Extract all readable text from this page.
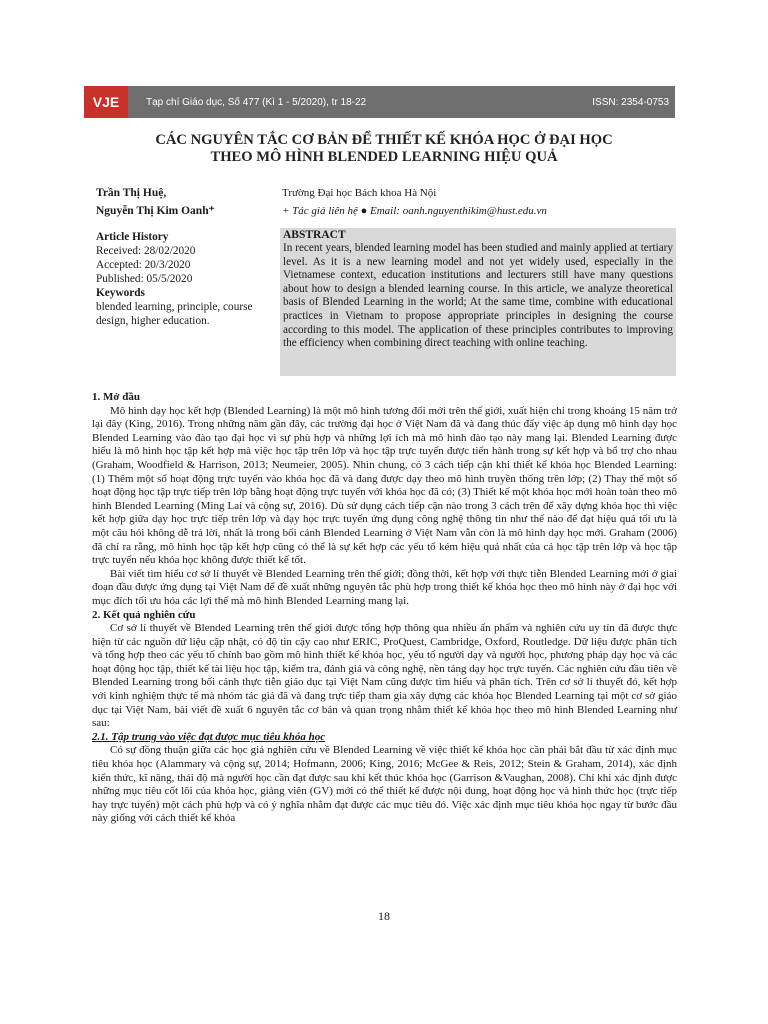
VJE	Tạp chí Giáo dục, Số 477 (Kì 1 - 5/2020), tr 18-22	ISSN: 2354-0753
CÁC NGUYÊN TẮC CƠ BẢN ĐỂ THIẾT KẾ KHÓA HỌC Ở ĐẠI HỌC
THEO MÔ HÌNH BLENDED LEARNING HIỆU QUẢ
Trần Thị Huệ,
Nguyễn Thị Kim Oanh⁺
Trường Đại học Bách khoa Hà Nội
+ Tác giả liên hệ ● Email: oanh.nguyenthikim@hust.edu.vn
Article History
Received: 28/02/2020
Accepted: 20/3/2020
Published: 05/5/2020
Keywords
blended learning, principle, course design, higher education.
ABSTRACT
In recent years, blended learning model has been studied and mainly applied at tertiary level. As it is a new learning model and not yet widely used, especially in the Vietnamese context, education institutions and lecturers still have many questions about how to design a blended learning course. In this article, we analyze theoretical basis of Blended Learning in the world; At the same time, combine with educational practices in Vietnam to propose appropriate principles in designing the course according to this model. The application of these principles contributes to improving the efficiency when combining direct teaching with online teaching.

1. Mở đầu

Mô hình dạy học kết hợp (Blended Learning) là một mô hình tương đối mới trên thế giới, xuất hiện chỉ trong khoảng 15 năm trở lại đây (King, 2016). Trong những năm gần đây, các trường đại học ở Việt Nam đã và đang thúc đẩy việc áp dụng mô hình dạy học Blended Learning vào đào tạo đại học vì sự phù hợp và những lợi ích mà mô hình đào tạo này mang lại. Blended Learning được hiểu là mô hình học tập kết hợp mà việc học tập trên lớp và học tập trực tuyến được tiến hành trong sự kết hợp và bổ trợ cho nhau (Graham, Woodfield & Harrison, 2013; Neumeier, 2005). Nhìn chung, có 3 cách tiếp cận khi thiết kế khóa học Blended Learning: (1) Thêm một số hoạt động trực tuyến vào khóa học đã và đang được dạy theo mô hình truyền thống trên lớp; (2) Thay thế một số hoạt động học tập trực tiếp trên lớp bằng hoạt động trực tuyến với khóa học đã có; (3) Thiết kế một khóa học mới hoàn toàn theo mô hình Blended Learning (Ming Lai và cộng sự, 2016). Dù sử dụng cách tiếp cận nào trong 3 cách trên để xây dựng khóa học thì việc kết hợp giữa dạy học trực tiếp trên lớp và dạy học trực tuyến ứng dụng công nghệ thông tin như thế nào để đạt hiệu quả tối ưu là một câu hỏi không dễ trả lời, nhất là trong bối cảnh Blended Learning ở Việt Nam vẫn còn là mô hình dạy học mới. Graham (2006) đã chỉ ra rằng, mô hình học tập kết hợp cũng có thể là sự kết hợp các yếu tố kém hiệu quả nhất của cả học tập trên lớp và học tập trực tuyến nếu khóa học không được thiết kế tốt.

Bài viết tìm hiểu cơ sở lí thuyết về Blended Learning trên thế giới; đồng thời, kết hợp với thực tiễn Blended Learning mới ở giai đoạn đầu được ứng dụng tại Việt Nam để đề xuất những nguyên tắc phù hợp trong thiết kế khóa học theo mô hình này ở đại học với mục đích tối ưu hóa các lợi thế mà mô hình Blended Learning mang lại.

2. Kết quả nghiên cứu

Cơ sở lí thuyết về Blended Learning trên thế giới được tổng hợp thông qua nhiều ấn phẩm và nghiên cứu uy tín đã được thực hiện từ các nguồn dữ liệu cập nhật, có độ tin cậy cao như ERIC, ProQuest, Cambridge, Oxford, Routledge. Dữ liệu được phân tích và tổng hợp theo các yếu tố chính bao gồm mô hình thiết kế khóa học, yếu tố người dạy và người học, phương pháp dạy học và các hoạt động học tập, thiết kế tài liệu học tập, kiểm tra, đánh giá và công nghệ, nền tảng dạy học trực tuyến. Các nghiên cứu đầu tiên về Blended Learning trong bối cảnh thực tiễn giáo dục tại Việt Nam cũng được tìm hiểu và phân tích. Trên cơ sở lí thuyết đó, kết hợp với kinh nghiệm thực tế mà nhóm tác giả đã và đang trực tiếp tham gia xây dựng các khóa học Blended Learning tại một cơ sở giáo dục tại Việt Nam, bài viết đề xuất 6 nguyên tắc cơ bản và quan trọng nhằm thiết kế khóa học theo mô hình Blended Learning như sau:

2.1. Tập trung vào việc đạt được mục tiêu khóa học

Có sự đồng thuận giữa các học giả nghiên cứu về Blended Learning về việc thiết kế khóa học cần phải bắt đầu từ xác định mục tiêu khóa học (Alammary và cộng sự, 2014; Hofmann, 2006; King, 2016; McGee & Reis, 2012; Stein & Graham, 2014), xác định kiến thức, kĩ năng, thái độ mà người học cần đạt được sau khi kết thúc khóa học (Garrison &Vaughan, 2008). Chỉ khi xác định được những mục tiêu cốt lõi của khóa học, giảng viên (GV) mới có thể thiết kế được nội dung, hoạt động học và hình thức học (trực tiếp hay trực tuyến) một cách phù hợp và có ý nghĩa nhằm đạt được các mục tiêu đó. Việc xác định mục tiêu khóa học ngay từ bước đầu này giống với cách thiết kế khóa

18
